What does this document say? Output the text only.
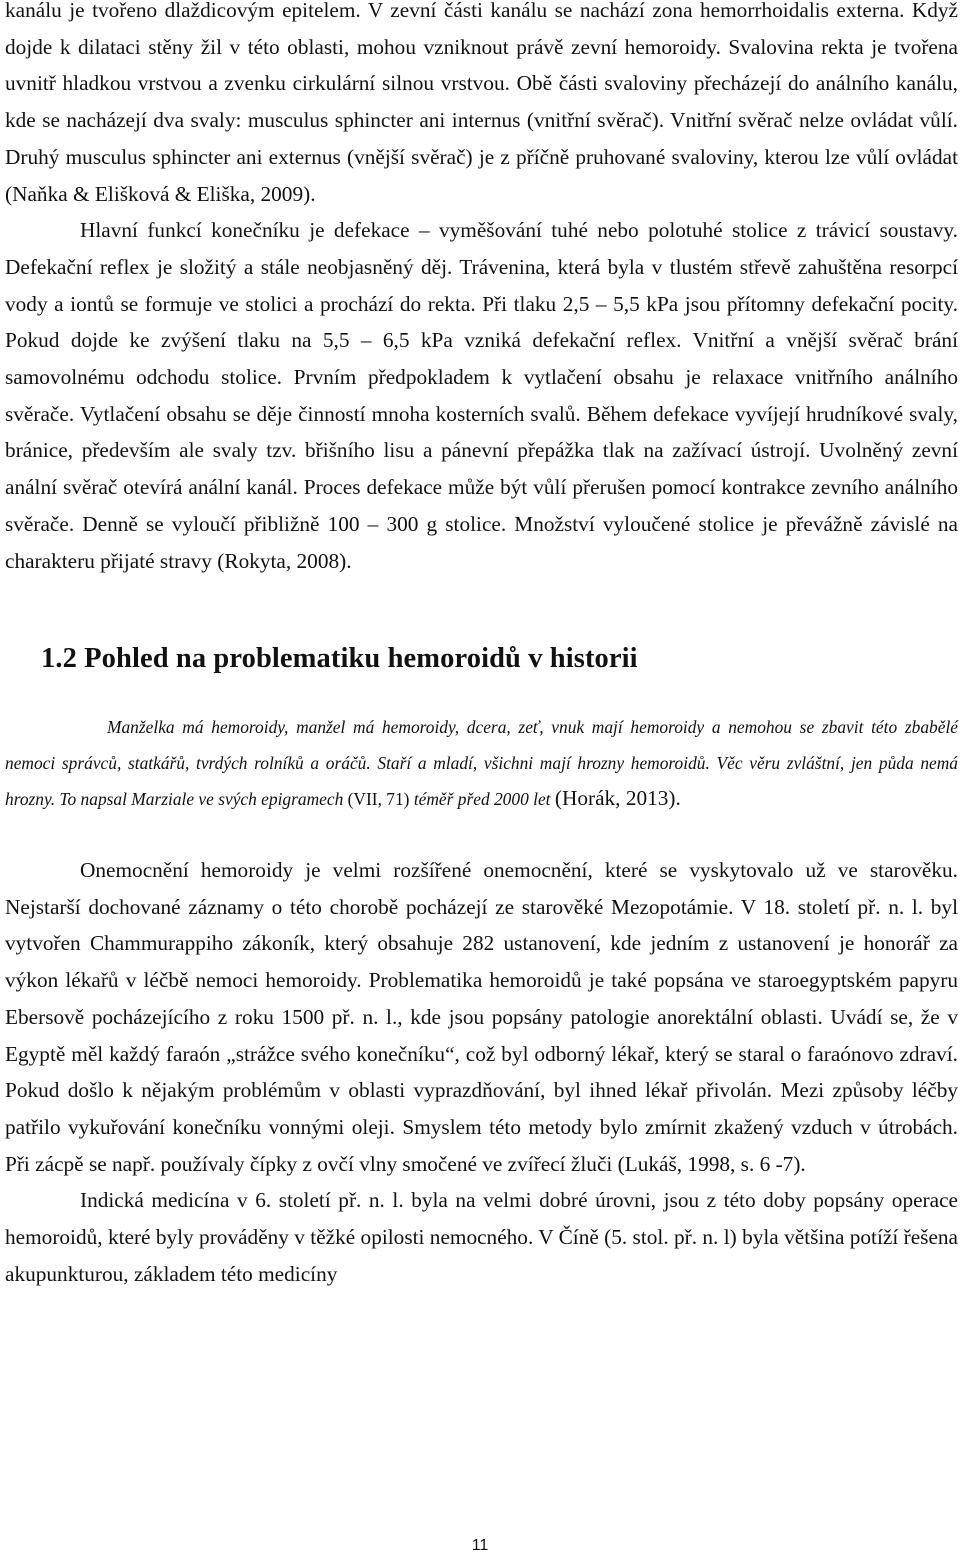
kanálu je tvořeno dlaždicovým epitelem. V zevní části kanálu se nachází zona hemorrhoidalis externa. Když dojde k dilataci stěny žil v této oblasti, mohou vzniknout právě zevní hemoroidy. Svalovina rekta je tvořena uvnitř hladkou vrstvou a zvenku cirkulární silnou vrstvou. Obě části svaloviny přecházejí do análního kanálu, kde se nacházejí dva svaly: musculus sphincter ani internus (vnitřní svěrač). Vnitřní svěrač nelze ovládat vůlí. Druhý musculus sphincter ani externus (vnější svěrač) je z příčně pruhované svaloviny, kterou lze vůlí ovládat (Naňka & Elišková & Eliška, 2009).

Hlavní funkcí konečníku je defekace – vyměšování tuhé nebo polotuhé stolice z trávicí soustavy. Defekační reflex je složitý a stále neobjasněný děj. Trávenina, která byla v tlustém střevě zahuštěna resorpcí vody a iontů se formuje ve stolici a prochází do rekta. Při tlaku 2,5 – 5,5 kPa jsou přítomny defekační pocity. Pokud dojde ke zvýšení tlaku na 5,5 – 6,5 kPa vzniká defekační reflex. Vnitřní a vnější svěrač brání samovolnému odchodu stolice. Prvním předpokladem k vytlačení obsahu je relaxace vnitřního análního svěrače. Vytlačení obsahu se děje činností mnoha kosterních svalů. Během defekace vyvíjejí hrudníkové svaly, bránice, především ale svaly tzv. břišního lisu a pánevní přepážka tlak na zažívací ústrojí. Uvolněný zevní anální svěrač otevírá anální kanál. Proces defekace může být vůlí přerušen pomocí kontrakce zevního análního svěrače. Denně se vyloučí přibližně 100 – 300 g stolice. Množství vyloučené stolice je převážně závislé na charakteru přijaté stravy (Rokyta, 2008).

1.2 Pohled na problematiku hemoroidů v historii

Manželka má hemoroidy, manžel má hemoroidy, dcera, zeť, vnuk mají hemoroidy a nemohou se zbavit této zbabělé nemoci správců, statkářů, tvrdých rolníků a oráčů. Staří a mladí, všichni mají hrozny hemoroidů. Věc věru zvláštní, jen půda nemá hrozny. To napsal Marziale ve svých epigramech (VII, 71) téměř před 2000 let (Horák, 2013).

Onemocnění hemoroidy je velmi rozšířené onemocnění, které se vyskytovalo už ve starověku. Nejstarší dochované záznamy o této chorobě pocházejí ze starověké Mezopotámie. V 18. století př. n. l. byl vytvořen Chammurappiho zákoník, který obsahuje 282 ustanovení, kde jedním z ustanovení je honorář za výkon lékařů v léčbě nemoci hemoroidy. Problematika hemoroidů je také popsána ve staroegyptském papyru Ebersově pocházejícího z roku 1500 př. n. l., kde jsou popsány patologie anorektální oblasti. Uvádí se, že v Egyptě měl každý faraón „strážce svého konečníku“, což byl odborný lékař, který se staral o faraónovo zdraví. Pokud došlo k nějakým problémům v oblasti vyprazdňování, byl ihned lékař přivolán. Mezi způsoby léčby patřilo vykuřování konečníku vonnými oleji. Smyslem této metody bylo zmírnit zkažený vzduch v útrobách. Při zácpě se např. používaly čípky z ovčí vlny smočené ve zvířecí žluči (Lukáš, 1998, s. 6 -7).

Indická medicína v 6. století př. n. l. byla na velmi dobré úrovni, jsou z této doby popsány operace hemoroidů, které byly prováděny v těžké opilosti nemocného. V Číně (5. stol. př. n. l) byla většina potíží řešena akupunkturou, základem této medicíny

11
